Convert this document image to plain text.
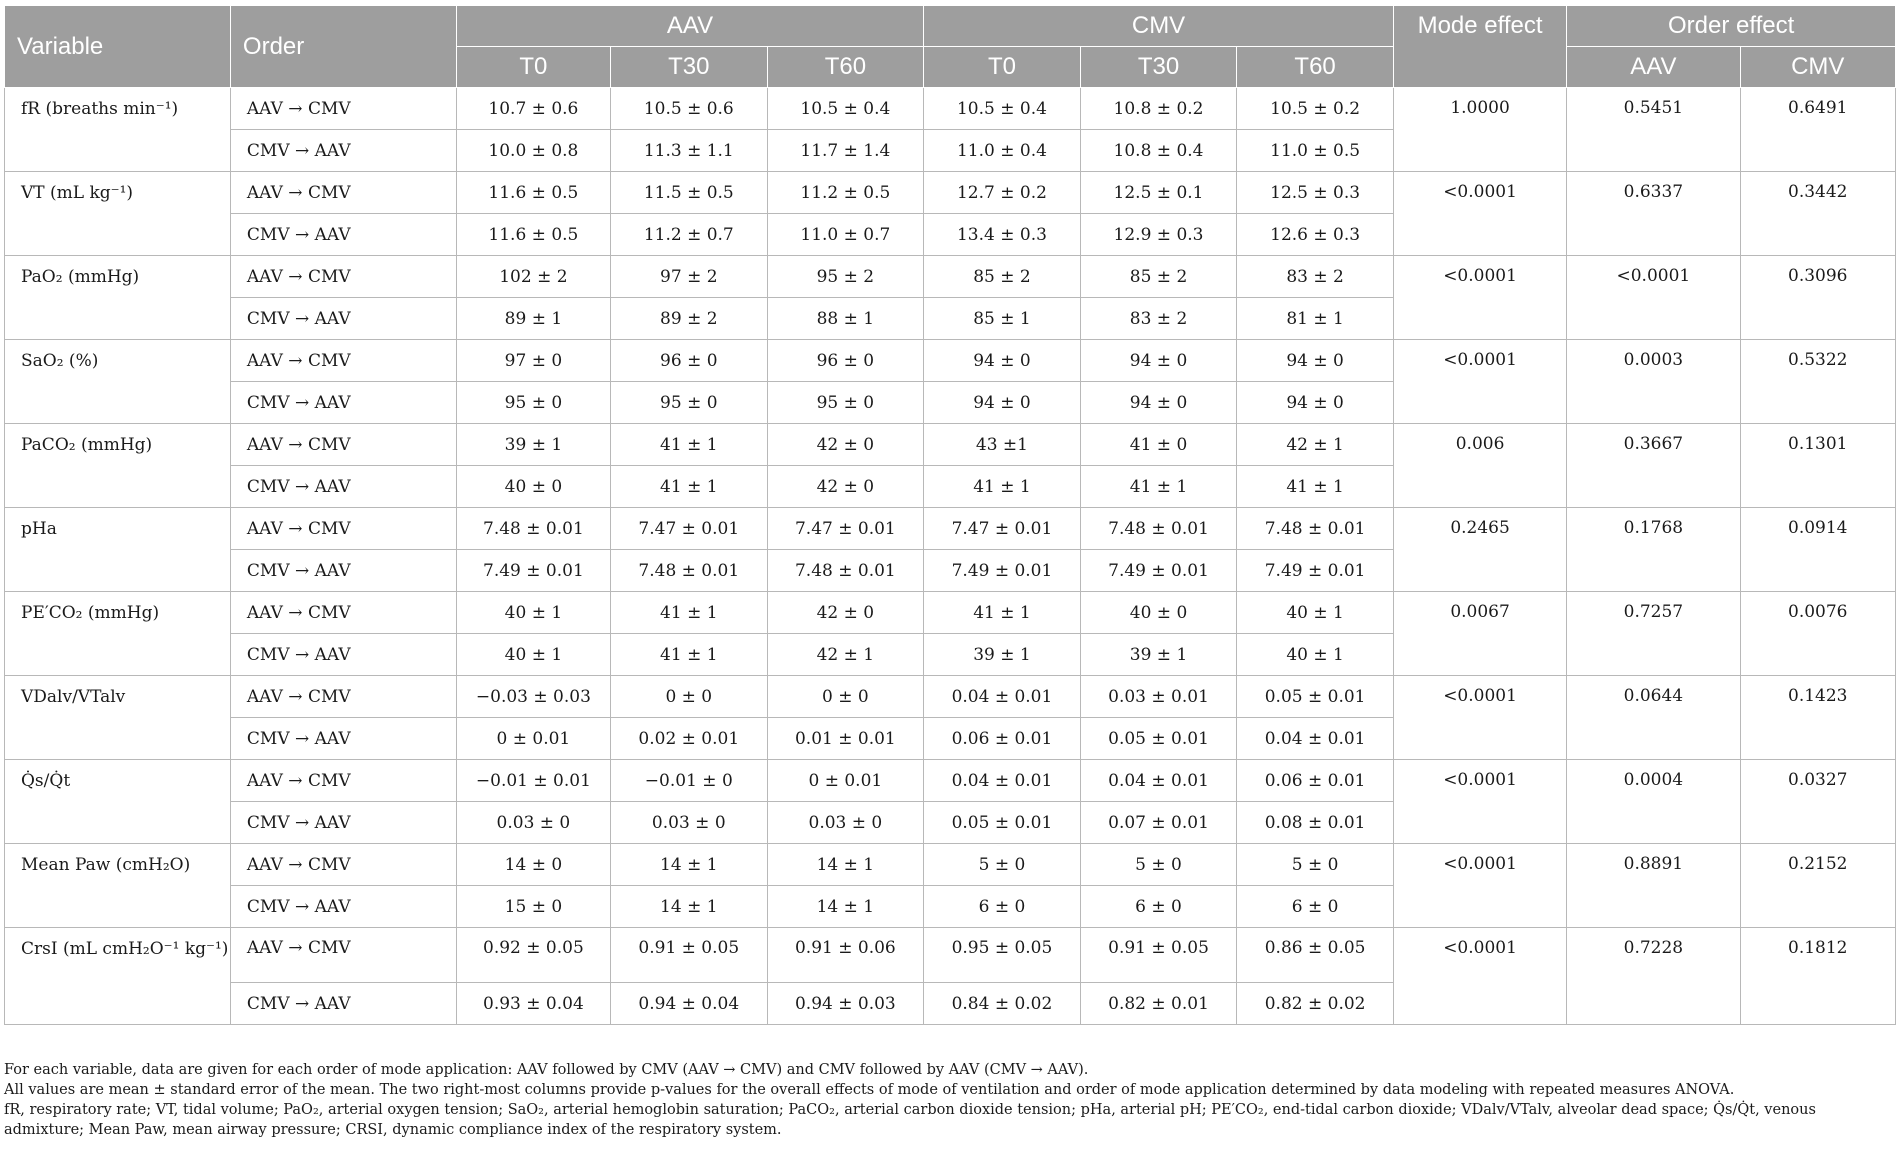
Variable	Order	AAV			CMV			Mode effect	Order effect	
		T0	T30	T60	T0	T30	T60		AAV	CMV
fR (breaths min⁻¹)	AAV → CMV	10.7 ± 0.6	10.5 ± 0.6	10.5 ± 0.4	10.5 ± 0.4	10.8 ± 0.2	10.5 ± 0.2	1.0000	0.5451	0.6491
	CMV → AAV	10.0 ± 0.8	11.3 ± 1.1	11.7 ± 1.4	11.0 ± 0.4	10.8 ± 0.4	11.0 ± 0.5			
VT (mL kg⁻¹)	AAV → CMV	11.6 ± 0.5	11.5 ± 0.5	11.2 ± 0.5	12.7 ± 0.2	12.5 ± 0.1	12.5 ± 0.3	<0.0001	0.6337	0.3442
	CMV → AAV	11.6 ± 0.5	11.2 ± 0.7	11.0 ± 0.7	13.4 ± 0.3	12.9 ± 0.3	12.6 ± 0.3			
PaO₂ (mmHg)	AAV → CMV	102 ± 2	97 ± 2	95 ± 2	85 ± 2	85 ± 2	83 ± 2	<0.0001	<0.0001	0.3096
	CMV → AAV	89 ± 1	89 ± 2	88 ± 1	85 ± 1	83 ± 2	81 ± 1			
SaO₂ (%)	AAV → CMV	97 ± 0	96 ± 0	96 ± 0	94 ± 0	94 ± 0	94 ± 0	<0.0001	0.0003	0.5322
	CMV → AAV	95 ± 0	95 ± 0	95 ± 0	94 ± 0	94 ± 0	94 ± 0			
PaCO₂ (mmHg)	AAV → CMV	39 ± 1	41 ± 1	42 ± 0	43 ±1	41 ± 0	42 ± 1	0.006	0.3667	0.1301
	CMV → AAV	40 ± 0	41 ± 1	42 ± 0	41 ± 1	41 ± 1	41 ± 1			
pHa	AAV → CMV	7.48 ± 0.01	7.47 ± 0.01	7.47 ± 0.01	7.47 ± 0.01	7.48 ± 0.01	7.48 ± 0.01	0.2465	0.1768	0.0914
	CMV → AAV	7.49 ± 0.01	7.48 ± 0.01	7.48 ± 0.01	7.49 ± 0.01	7.49 ± 0.01	7.49 ± 0.01			
PE′CO₂ (mmHg)	AAV → CMV	40 ± 1	41 ± 1	42 ± 0	41 ± 1	40 ± 0	40 ± 1	0.0067	0.7257	0.0076
	CMV → AAV	40 ± 1	41 ± 1	42 ± 1	39 ± 1	39 ± 1	40 ± 1			
VDalv/VTalv	AAV → CMV	−0.03 ± 0.03	0 ± 0	0 ± 0	0.04 ± 0.01	0.03 ± 0.01	0.05 ± 0.01	<0.0001	0.0644	0.1423
	CMV → AAV	0 ± 0.01	0.02 ± 0.01	0.01 ± 0.01	0.06 ± 0.01	0.05 ± 0.01	0.04 ± 0.01			
Q̇s/Q̇t	AAV → CMV	−0.01 ± 0.01	−0.01 ± 0	0 ± 0.01	0.04 ± 0.01	0.04 ± 0.01	0.06 ± 0.01	<0.0001	0.0004	0.0327
	CMV → AAV	0.03 ± 0	0.03 ± 0	0.03 ± 0	0.05 ± 0.01	0.07 ± 0.01	0.08 ± 0.01			
Mean Paw (cmH₂O)	AAV → CMV	14 ± 0	14 ± 1	14 ± 1	5 ± 0	5 ± 0	5 ± 0	<0.0001	0.8891	0.2152
	CMV → AAV	15 ± 0	14 ± 1	14 ± 1	6 ± 0	6 ± 0	6 ± 0			
CrsI (mL cmH₂O⁻¹ kg⁻¹)	AAV → CMV	0.92 ± 0.05	0.91 ± 0.05	0.91 ± 0.06	0.95 ± 0.05	0.91 ± 0.05	0.86 ± 0.05	<0.0001	0.7228	0.1812
	CMV → AAV	0.93 ± 0.04	0.94 ± 0.04	0.94 ± 0.03	0.84 ± 0.02	0.82 ± 0.01	0.82 ± 0.02			

For each variable, data are given for each order of mode application: AAV followed by CMV (AAV → CMV) and CMV followed by AAV (CMV → AAV).

All values are mean ± standard error of the mean. The two right-most columns provide p-values for the overall effects of mode of ventilation and order of mode application determined by data modeling with repeated measures ANOVA.

fR, respiratory rate; VT, tidal volume; PaO₂, arterial oxygen tension; SaO₂, arterial hemoglobin saturation; PaCO₂, arterial carbon dioxide tension; pHa, arterial pH; PE′CO₂, end-tidal carbon dioxide; VDalv/VTalv, alveolar dead space; Q̇s/Q̇t, venous admixture; Mean Paw, mean airway pressure; CRSI, dynamic compliance index of the respiratory system.
